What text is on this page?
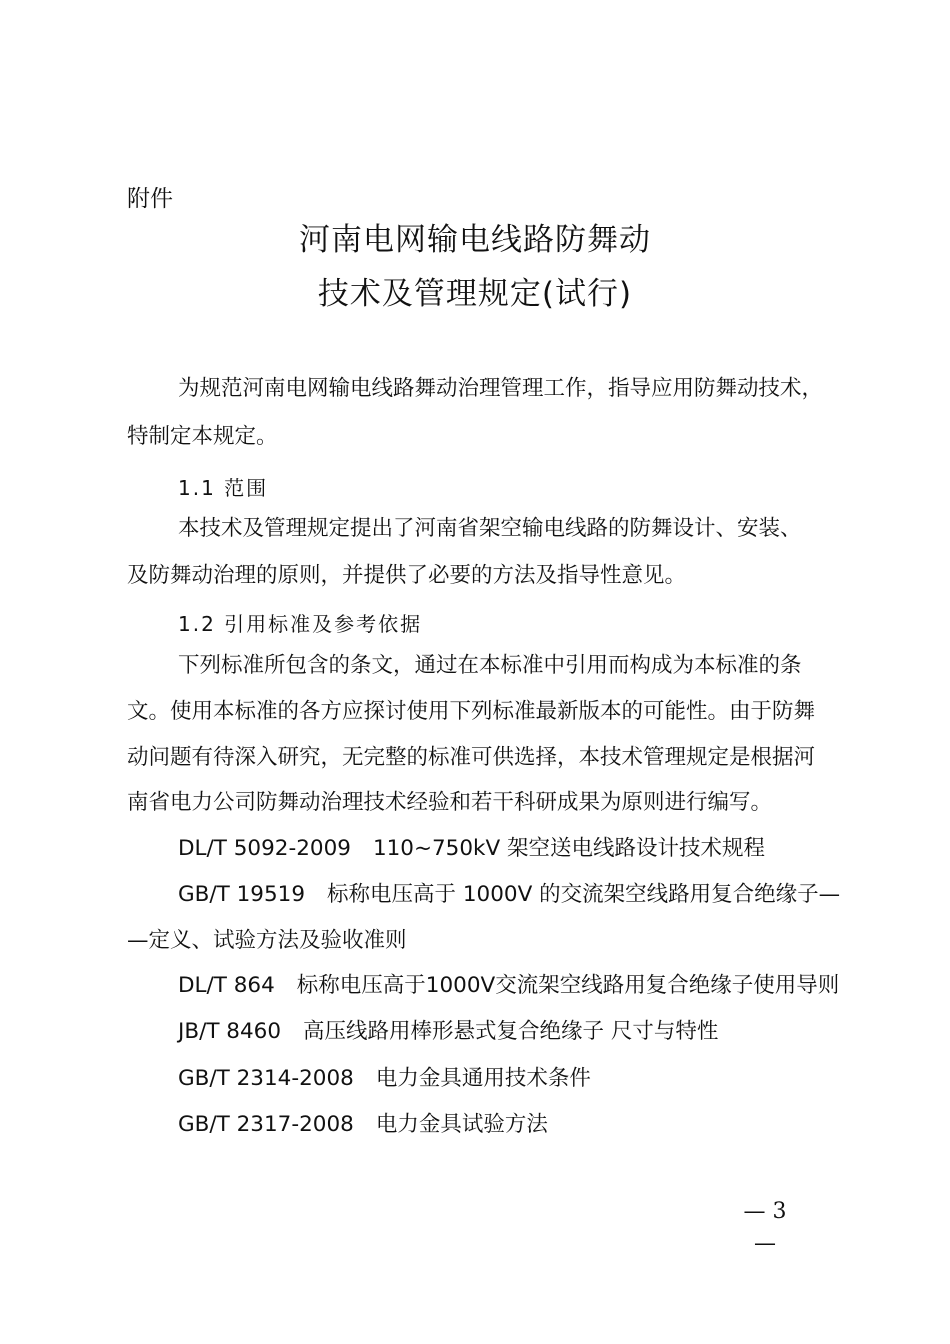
附件
河南电网输电线路防舞动
技术及管理规定(试行)
为规范河南电网输电线路舞动治理管理工作，指导应用防舞动技术，
特制定本规定。
1.1 范围
本技术及管理规定提出了河南省架空输电线路的防舞设计、安装、
及防舞动治理的原则，并提供了必要的方法及指导性意见。
1.2 引用标准及参考依据
下列标准所包含的条文，通过在本标准中引用而构成为本标准的条
文。使用本标准的各方应探讨使用下列标准最新版本的可能性。由于防舞
动问题有待深入研究，无完整的标准可供选择，本技术管理规定是根据河
南省电力公司防舞动治理技术经验和若干科研成果为原则进行编写。
DL/T 5092-2009 110~750kV 架空送电线路设计技术规程
GB/T 19519 标称电压高于 1000V 的交流架空线路用复合绝缘子—
—定义、试验方法及验收准则
DL/T 864 标称电压高于1000V交流架空线路用复合绝缘子使用导则
JB/T 8460 高压线路用棒形悬式复合绝缘子 尺寸与特性
GB/T 2314-2008 电力金具通用技术条件
GB/T 2317-2008 电力金具试验方法
— 3 —
